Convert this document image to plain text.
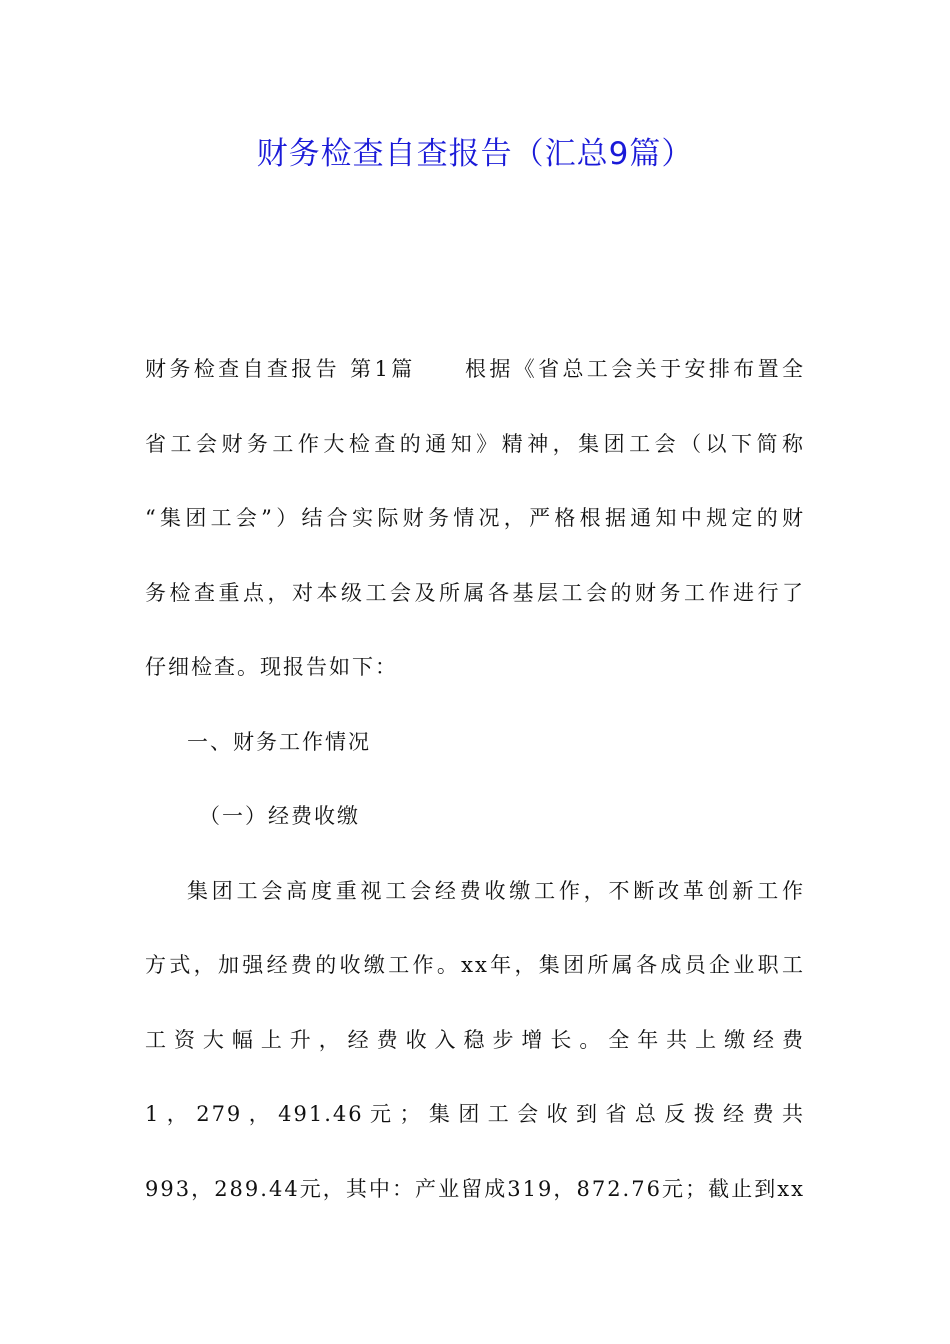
财务检查自查报告（汇总9篇）
财务检查自查报告 第1篇 根据《省总工会关于安排布置全
省工会财务工作大检查的通知》精神，集团工会（以下简称
“集团工会”）结合实际财务情况，严格根据通知中规定的财
务检查重点，对本级工会及所属各基层工会的财务工作进行了
仔细检查。现报告如下：
一、财务工作情况
（一）经费收缴
集团工会高度重视工会经费收缴工作，不断改革创新工作
方式，加强经费的收缴工作。xx年，集团所属各成员企业职工
工资大幅上升，经费收入稳步增长。全年共上缴经费
1，279，491.46元；集团工会收到省总反拨经费共
993，289.44元，其中：产业留成319，872.76元；截止到xx
